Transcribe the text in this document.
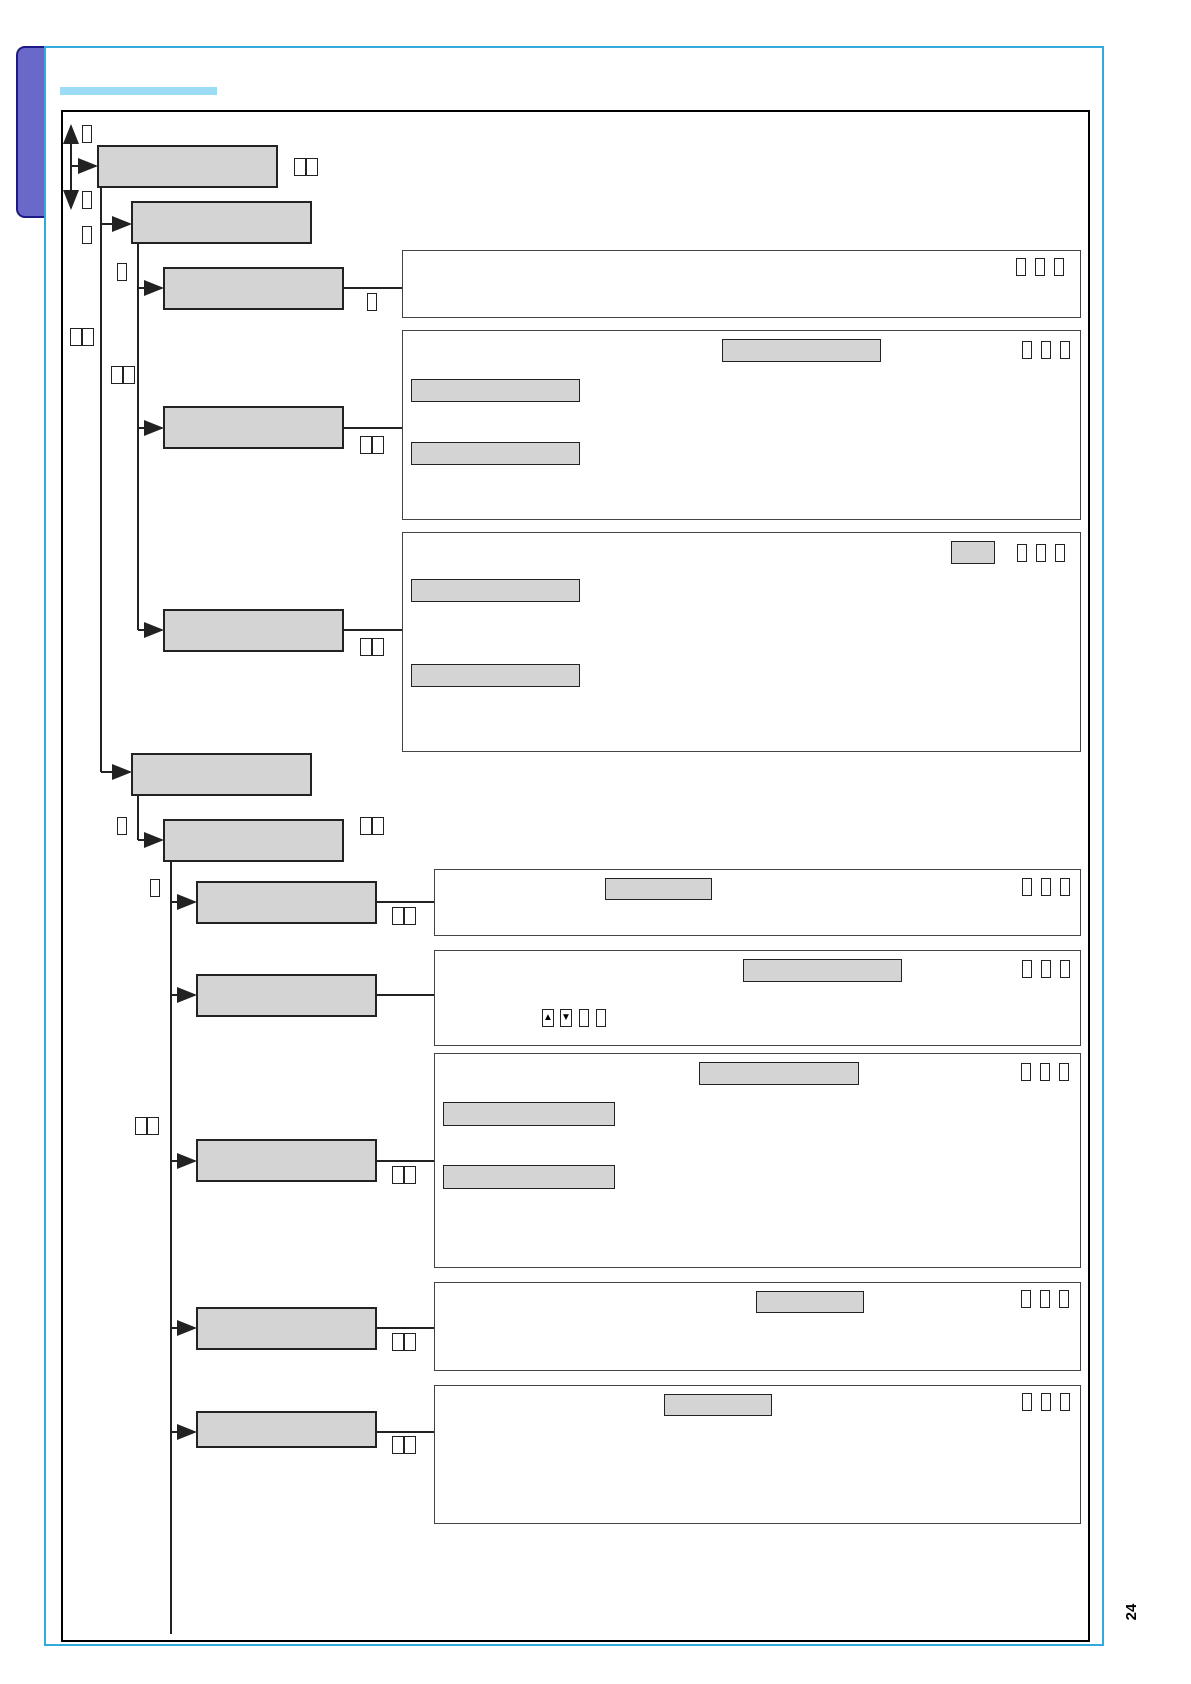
24
▲ ▼
